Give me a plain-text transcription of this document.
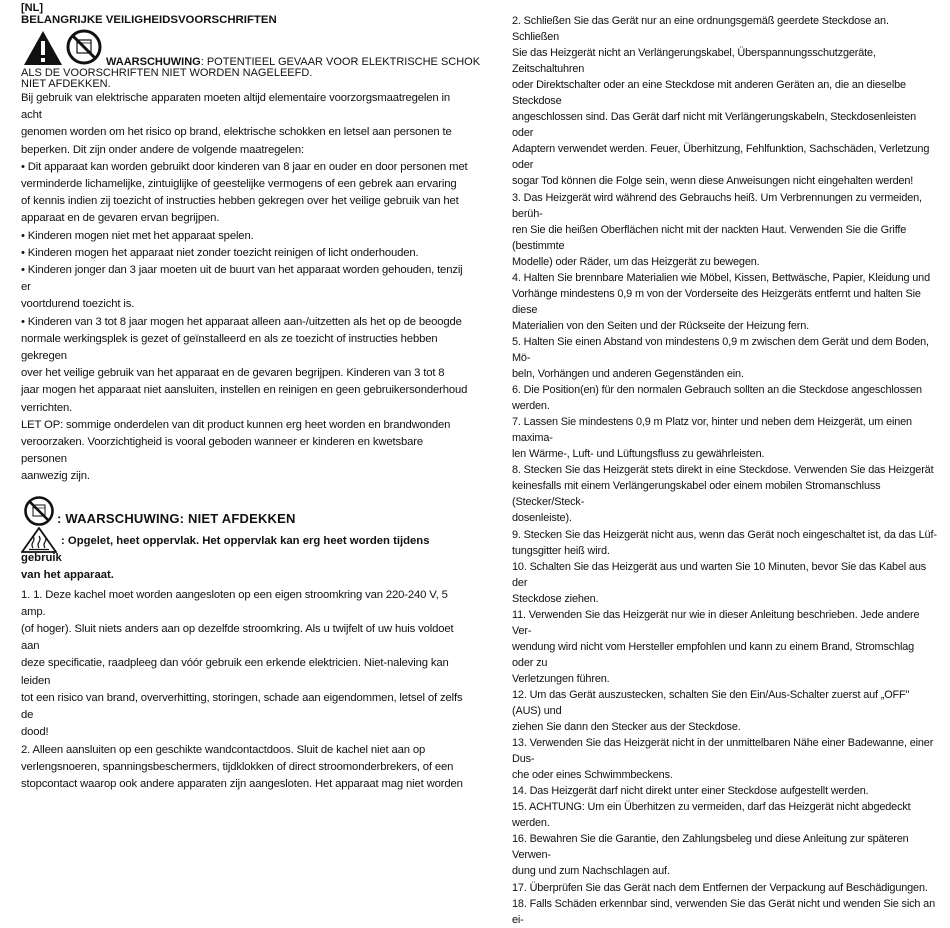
[NL]
BELANGRIJKE VEILIGHEIDSVOORSCHRIFTEN
WAARSCHUWING: POTENTIEEL GEVAAR VOOR ELEKTRISCHE SCHOK
ALS DE VOORSCHRIFTEN NIET WORDEN NAGELEEFD.
NIET AFDEKKEN.

Bij gebruik van elektrische apparaten moeten altijd elementaire voorzorgsmaatregelen in acht

genomen worden om het risico op brand, elektrische schokken en letsel aan personen te

beperken. Dit zijn onder andere de volgende maatregelen:

• Dit apparaat kan worden gebruikt door kinderen van 8 jaar en ouder en door personen met

verminderde lichamelijke, zintuiglijke of geestelijke vermogens of een gebrek aan ervaring

of kennis indien zij toezicht of instructies hebben gekregen over het veilige gebruik van het

apparaat en de gevaren ervan begrijpen.

• Kinderen mogen niet met het apparaat spelen.

• Kinderen mogen het apparaat niet zonder toezicht reinigen of licht onderhouden.

• Kinderen jonger dan 3 jaar moeten uit de buurt van het apparaat worden gehouden, tenzij er

voortdurend toezicht is.

• Kinderen van 3 tot 8 jaar mogen het apparaat alleen aan-/uitzetten als het op de beoogde

normale werkingsplek is gezet of geïnstalleerd en als ze toezicht of instructies hebben gekregen

over het veilige gebruik van het apparaat en de gevaren begrijpen. Kinderen van 3 tot 8

jaar mogen het apparaat niet aansluiten, instellen en reinigen en geen gebruikersonderhoud

verrichten.

LET OP: sommige onderdelen van dit product kunnen erg heet worden en brandwonden

veroorzaken. Voorzichtigheid is vooral geboden wanneer er kinderen en kwetsbare personen

aanwezig zijn.

: WAARSCHUWING: NIET AFDEKKEN

: Opgelet, heet oppervlak. Het oppervlak kan erg heet worden tijdens gebruik

van het apparaat.

1. 1. Deze kachel moet worden aangesloten op een eigen stroomkring van 220-240 V, 5 amp.

(of hoger). Sluit niets anders aan op dezelfde stroomkring. Als u twijfelt of uw huis voldoet aan

deze specificatie, raadpleeg dan vóór gebruik een erkende elektricien. Niet-naleving kan leiden

tot een risico van brand, oververhitting, storingen, schade aan eigendommen, letsel of zelfs de

dood!

2. Alleen aansluiten op een geschikte wandcontactdoos. Sluit de kachel niet aan op

verlengsnoeren, spanningsbeschermers, tijdklokken of direct stroomonderbrekers, of een

stopcontact waarop ook andere apparaten zijn aangesloten. Het apparaat mag niet worden

2. Schließen Sie das Gerät nur an eine ordnungsgemäß geerdete Steckdose an. Schließen

Sie das Heizgerät nicht an Verlängerungskabel, Überspannungsschutzgeräte, Zeitschaltuhren

oder Direktschalter oder an eine Steckdose mit anderen Geräten an, die an dieselbe Steckdose

angeschlossen sind. Das Gerät darf nicht mit Verlängerungskabeln, Steckdosenleisten oder

Adaptern verwendet werden. Feuer, Überhitzung, Fehlfunktion, Sachschäden, Verletzung oder

sogar Tod können die Folge sein, wenn diese Anweisungen nicht eingehalten werden!

3. Das Heizgerät wird während des Gebrauchs heiß. Um Verbrennungen zu vermeiden, berüh-

ren Sie die heißen Oberflächen nicht mit der nackten Haut. Verwenden Sie die Griffe (bestimmte

Modelle) oder Räder, um das Heizgerät zu bewegen.

4. Halten Sie brennbare Materialien wie Möbel, Kissen, Bettwäsche, Papier, Kleidung und

Vorhänge mindestens 0,9 m von der Vorderseite des Heizgeräts entfernt und halten Sie diese

Materialien von den Seiten und der Rückseite der Heizung fern.

5. Halten Sie einen Abstand von mindestens 0,9 m zwischen dem Gerät und dem Boden, Mö-

beln, Vorhängen und anderen Gegenständen ein.

6. Die Position(en) für den normalen Gebrauch sollten an die Steckdose angeschlossen werden.

7. Lassen Sie mindestens 0,9 m Platz vor, hinter und neben dem Heizgerät, um einen maxima-

len Wärme-, Luft- und Lüftungsfluss zu gewährleisten.

8. Stecken Sie das Heizgerät stets direkt in eine Steckdose. Verwenden Sie das Heizgerät

keinesfalls mit einem Verlängerungskabel oder einem mobilen Stromanschluss (Stecker/Steck-

dosenleiste).

9. Stecken Sie das Heizgerät nicht aus, wenn das Gerät noch eingeschaltet ist, da das Lüf-

tungsgitter heiß wird.

10. Schalten Sie das Heizgerät aus und warten Sie 10 Minuten, bevor Sie das Kabel aus der

Steckdose ziehen.

11. Verwenden Sie das Heizgerät nur wie in dieser Anleitung beschrieben. Jede andere Ver-

wendung wird nicht vom Hersteller empfohlen und kann zu einem Brand, Stromschlag oder zu

Verletzungen führen.

12. Um das Gerät auszustecken, schalten Sie den Ein/Aus-Schalter zuerst auf „OFF" (AUS) und

ziehen Sie dann den Stecker aus der Steckdose.

13. Verwenden Sie das Heizgerät nicht in der unmittelbaren Nähe einer Badewanne, einer Dus-

che oder eines Schwimmbeckens.

14. Das Heizgerät darf nicht direkt unter einer Steckdose aufgestellt werden.

15. ACHTUNG: Um ein Überhitzen zu vermeiden, darf das Heizgerät nicht abgedeckt werden.

16. Bewahren Sie die Garantie, den Zahlungsbeleg und diese Anleitung zur späteren Verwen-

dung und zum Nachschlagen auf.

17. Überprüfen Sie das Gerät nach dem Entfernen der Verpackung auf Beschädigungen.

18. Falls Schäden erkennbar sind, verwenden Sie das Gerät nicht und wenden Sie sich an ei-
